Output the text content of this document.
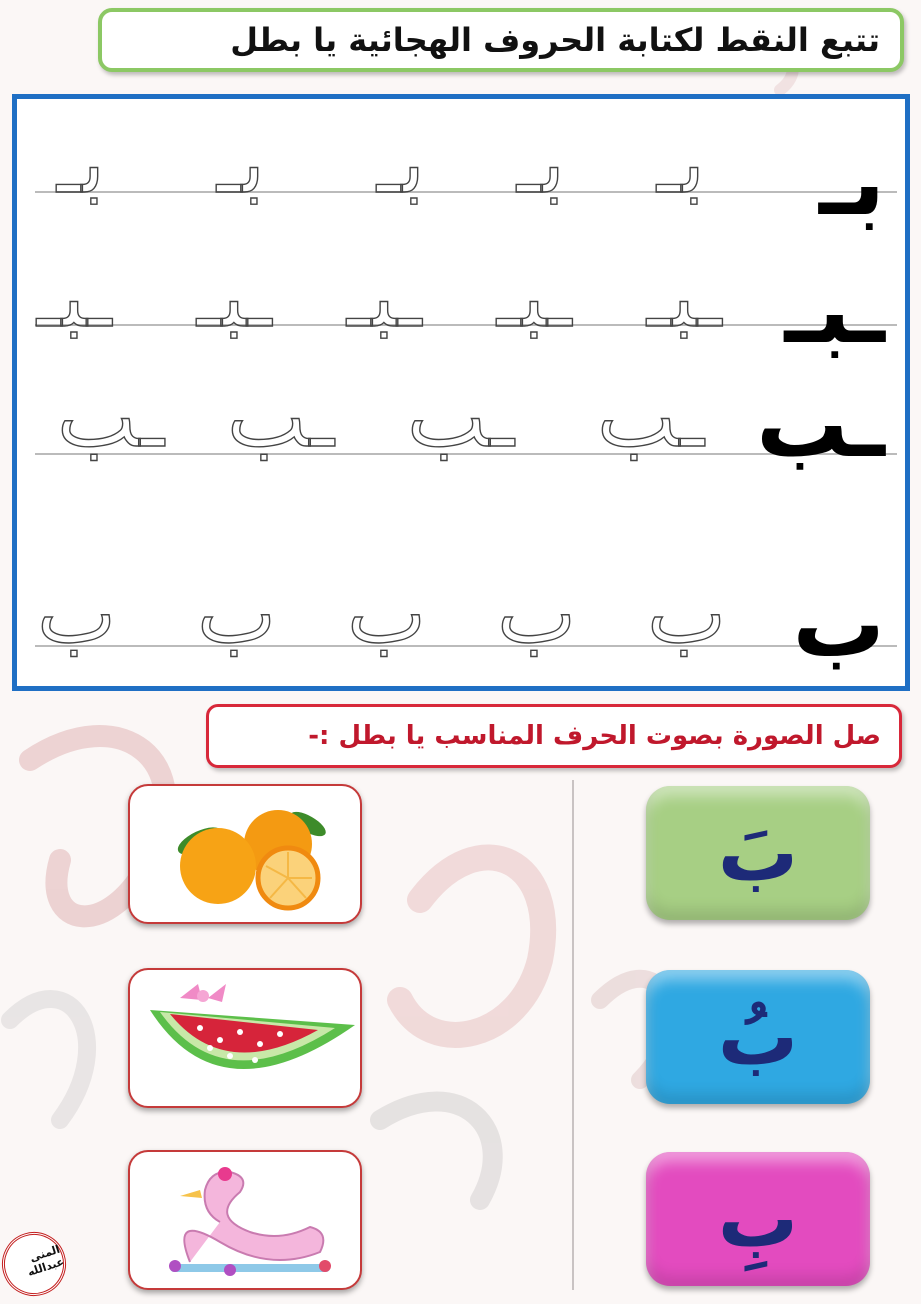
تتبع النقط لكتابة الحروف الهجائية يا بطل
بـ
بـ
بـ
بـ
بـ
بـ
ـبـ
ـبـ
ـبـ
ـبـ
ـبـ
ـبـ
ـب
ـب
ـب
ـب
ـب
ب
ب
ب
ب
ب
ب
صل الصورة بصوت الحرف المناسب يا بطل :-
بَ
بُ
بِ
المنى عبدالله
